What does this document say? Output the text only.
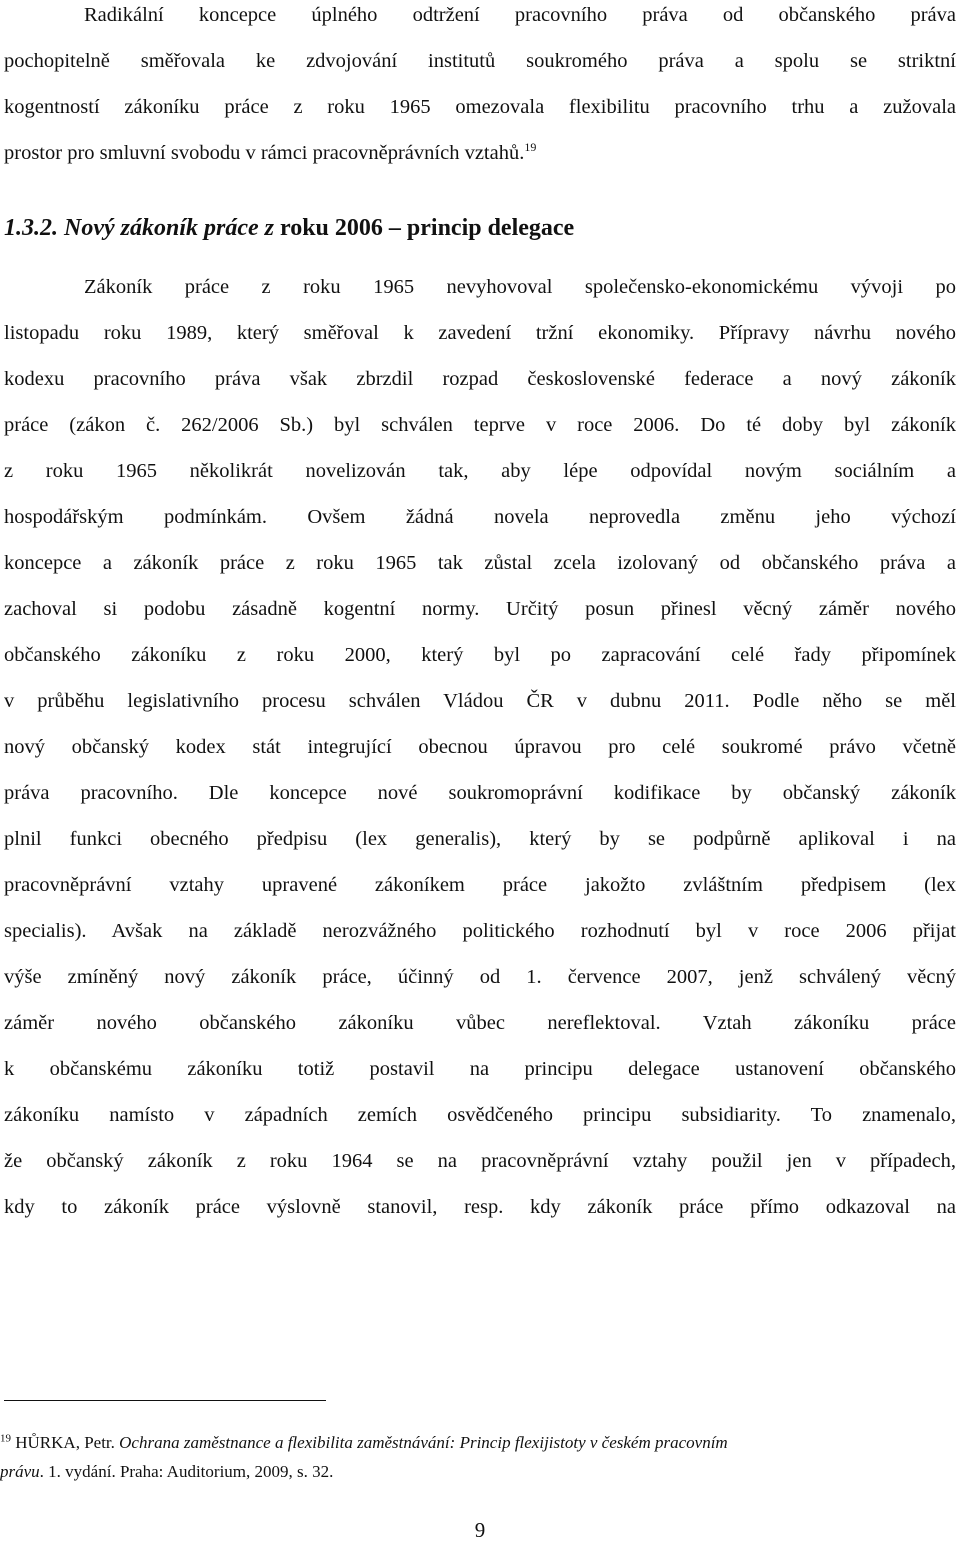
Radikální koncepce úplného odtržení pracovního práva od občanského práva
pochopitelně směřovala ke zdvojování institutů soukromého práva a spolu se striktní
kogentností zákoníku práce z roku 1965 omezovala flexibilitu pracovního trhu a zužovala
prostor pro smluvní svobodu v rámci pracovněprávních vztahů.$^{19}$

1.3.2. Nový zákoník práce z roku 2006 – princip delegace

Zákoník práce z roku 1965 nevyhovoval společensko-ekonomickému vývoji po
listopadu roku 1989, který směřoval k zavedení tržní ekonomiky. Přípravy návrhu nového
kodexu pracovního práva však zbrzdil rozpad československé federace a nový zákoník
práce (zákon č. 262/2006 Sb.) byl schválen teprve v roce 2006. Do té doby byl zákoník
z roku 1965 několikrát novelizován tak, aby lépe odpovídal novým sociálním a
hospodářským podmínkám. Ovšem žádná novela neprovedla změnu jeho výchozí
koncepce a zákoník práce z roku 1965 tak zůstal zcela izolovaný od občanského práva a
zachoval si podobu zásadně kogentní normy. Určitý posun přinesl věcný záměr nového
občanského zákoníku z roku 2000, který byl po zapracování celé řady připomínek
v průběhu legislativního procesu schválen Vládou ČR v dubnu 2011. Podle něho se měl
nový občanský kodex stát integrující obecnou úpravou pro celé soukromé právo včetně
práva pracovního. Dle koncepce nové soukromoprávní kodifikace by občanský zákoník
plnil funkci obecného předpisu (lex generalis), který by se podpůrně aplikoval i na
pracovněprávní vztahy upravené zákoníkem práce jakožto zvláštním předpisem (lex
specialis). Avšak na základě nerozvážného politického rozhodnutí byl v roce 2006 přijat
výše zmíněný nový zákoník práce, účinný od 1. července 2007, jenž schválený věcný
záměr nového občanského zákoníku vůbec nereflektoval. Vztah zákoníku práce
k občanskému zákoníku totiž postavil na principu delegace ustanovení občanského
zákoníku namísto v západních zemích osvědčeného principu subsidiarity. To znamenalo,
že občanský zákoník z roku 1964 se na pracovněprávní vztahy použil jen v případech,
kdy to zákoník práce výslovně stanovil, resp. kdy zákoník práce přímo odkazoval na

$^{19}$ HŮRKA, Petr. Ochrana zaměstnance a flexibilita zaměstnávání: Princip flexijistoty v českém pracovním
právu. 1. vydání. Praha: Auditorium, 2009, s. 32.
9
